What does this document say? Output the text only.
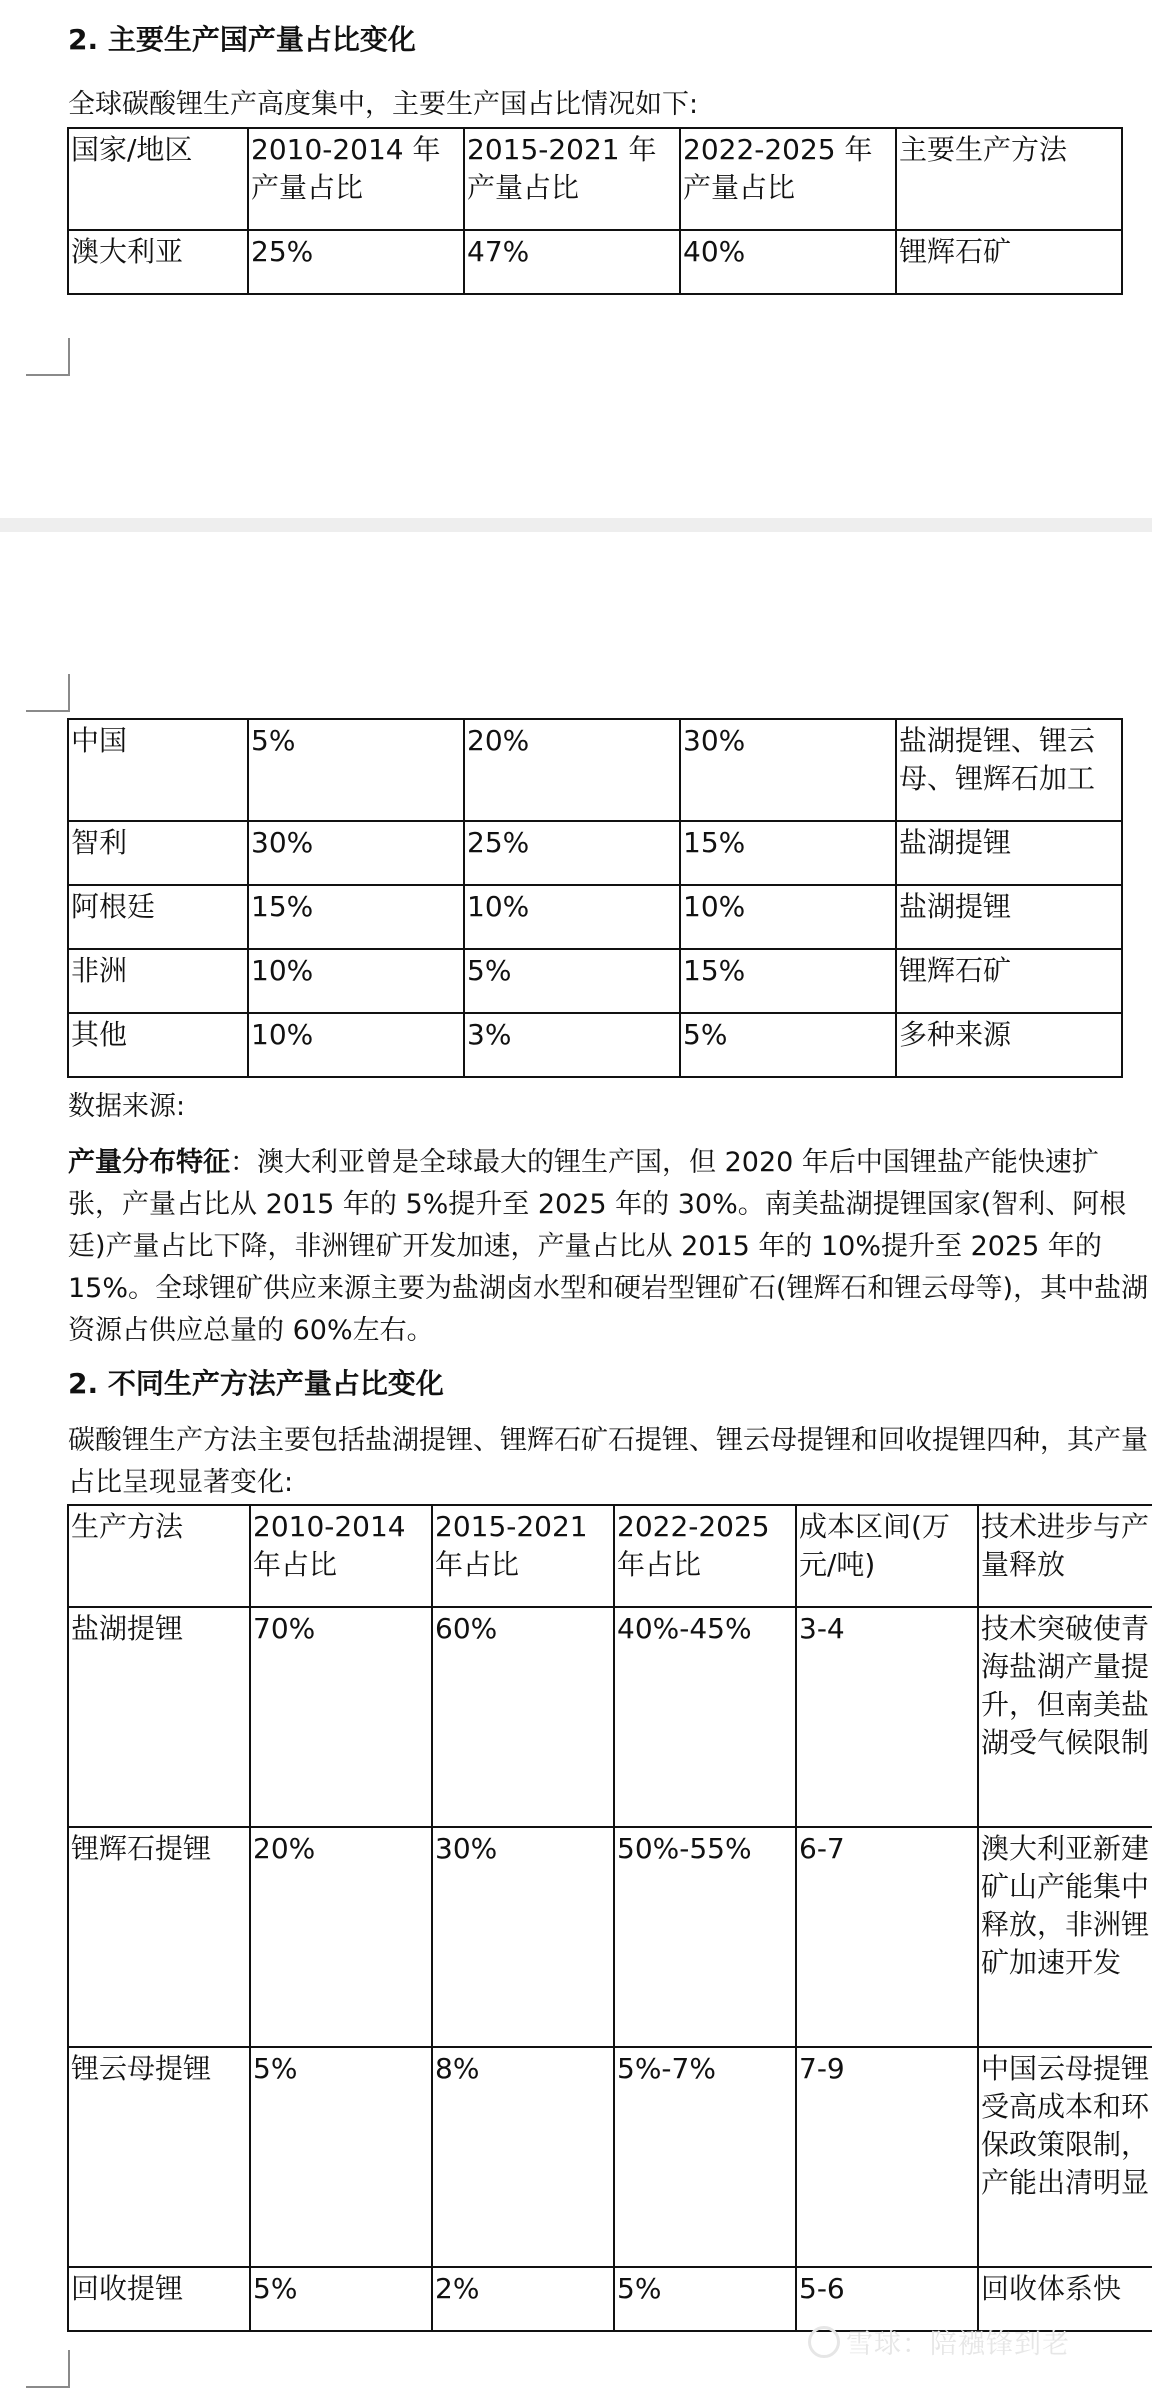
2. 主要生产国产量占比变化
全球碳酸锂生产高度集中，主要生产国占比情况如下:
国家/地区	2010-2014 年产量占比	2015-2021 年产量占比	2022-2025 年产量占比	主要生产方法
澳大利亚	25%	47%	40%	锂辉石矿
中国	5%	20%	30%	盐湖提锂、锂云母、锂辉石加工
智利	30%	25%	15%	盐湖提锂
阿根廷	15%	10%	10%	盐湖提锂
非洲	10%	5%	15%	锂辉石矿
其他	10%	3%	5%	多种来源
数据来源:
产量分布特征：澳大利亚曾是全球最大的锂生产国，但 2020 年后中国锂盐产能快速扩张，产量占比从 2015 年的 5%提升至 2025 年的 30%。南美盐湖提锂国家(智利、阿根廷)产量占比下降，非洲锂矿开发加速，产量占比从 2015 年的 10%提升至 2025 年的 15%。全球锂矿供应来源主要为盐湖卤水型和硬岩型锂矿石(锂辉石和锂云母等)，其中盐湖资源占供应总量的 60%左右。
2. 不同生产方法产量占比变化
碳酸锂生产方法主要包括盐湖提锂、锂辉石矿石提锂、锂云母提锂和回收提锂四种，其产量占比呈现显著变化:
生产方法	2010-2014 年占比	2015-2021 年占比	2022-2025 年占比	成本区间(万元/吨)	技术进步与产量释放
盐湖提锂	70%	60%	40%-45%	3-4	技术突破使青海盐湖产量提升，但南美盐湖受气候限制
锂辉石提锂	20%	30%	50%-55%	6-7	澳大利亚新建矿山产能集中释放，非洲锂矿加速开发
锂云母提锂	5%	8%	5%-7%	7-9	中国云母提锂受高成本和环保政策限制，产能出清明显
回收提锂	5%	2%	5%	5-6	回收体系快
雪球：陪襁锋到老
